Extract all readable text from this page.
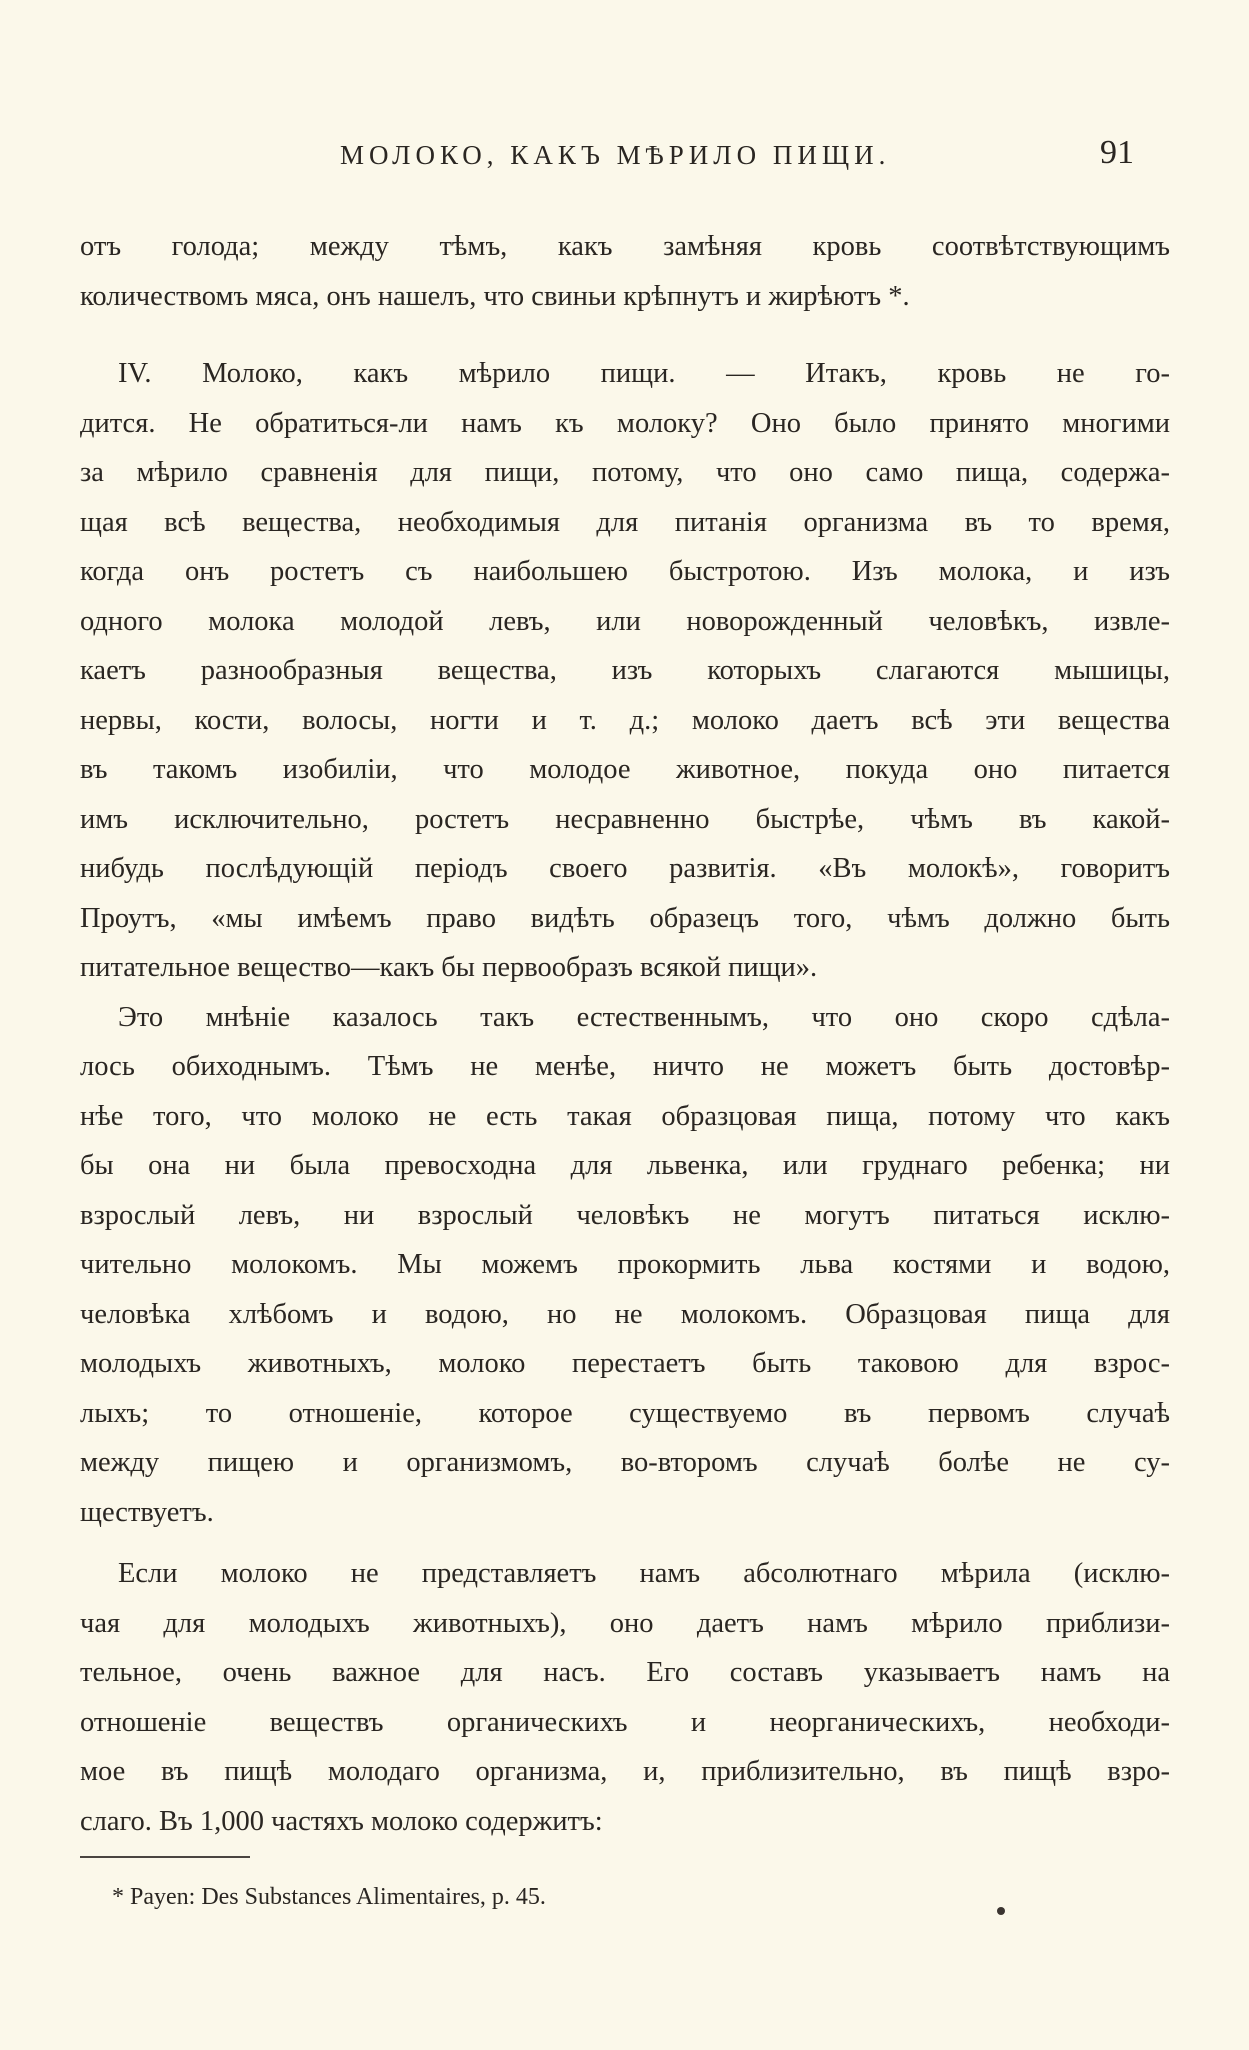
МОЛОКО, КАКЪ МѢРИЛО ПИЩИ.	91
отъ голода; между тѣмъ, какъ замѣняя кровь соотвѣтствующимъ
количествомъ мяса, онъ нашелъ, что свиньи крѣпнутъ и жирѣютъ *.
IV. Молоко, какъ мѣрило пищи. — Итакъ, кровь не го-
дится. Не обратиться-ли намъ къ молоку? Оно было принято многими
за мѣрило сравненія для пищи, потому, что оно само пища, содержа-
щая всѣ вещества, необходимыя для питанія организма въ то время,
когда онъ ростетъ съ наибольшею быстротою. Изъ молока, и изъ
одного молока молодой левъ, или новорожденный человѣкъ, извле-
каетъ разнообразныя вещества, изъ которыхъ слагаются мышицы,
нервы, кости, волосы, ногти и т. д.; молоко даетъ всѣ эти вещества
въ такомъ изобиліи, что молодое животное, покуда оно питается
имъ исключительно, ростетъ несравненно быстрѣе, чѣмъ въ какой-
нибудь послѣдующій періодъ своего развитія. «Въ молокѣ», говоритъ
Проутъ, «мы имѣемъ право видѣть образецъ того, чѣмъ должно быть
питательное вещество—какъ бы первообразъ всякой пищи».
Это мнѣніе казалось такъ естественнымъ, что оно скоро сдѣла-
лось обиходнымъ. Тѣмъ не менѣе, ничто не можетъ быть достовѣр-
нѣе того, что молоко не есть такая образцовая пища, потому что какъ
бы она ни была превосходна для львенка, или груднаго ребенка; ни
взрослый левъ, ни взрослый человѣкъ не могутъ питаться исклю-
чительно молокомъ. Мы можемъ прокормить льва костями и водою,
человѣка хлѣбомъ и водою, но не молокомъ. Образцовая пища для
молодыхъ животныхъ, молоко перестаетъ быть таковою для взрос-
лыхъ; то отношеніе, которое существуемо въ первомъ случаѣ
между пищею и организмомъ, во-второмъ случаѣ болѣе не су-
ществуетъ.
Если молоко не представляетъ намъ абсолютнаго мѣрила (исклю-
чая для молодыхъ животныхъ), оно даетъ намъ мѣрило приблизи-
тельное, очень важное для насъ. Его составъ указываетъ намъ на
отношеніе веществъ органическихъ и неорганическихъ, необходи-
мое въ пищѣ молодаго организма, и, приблизительно, въ пищѣ взро-
слаго. Въ 1,000 частяхъ молоко содержитъ:
* Payen: Des Substances Alimentaires, p. 45.
